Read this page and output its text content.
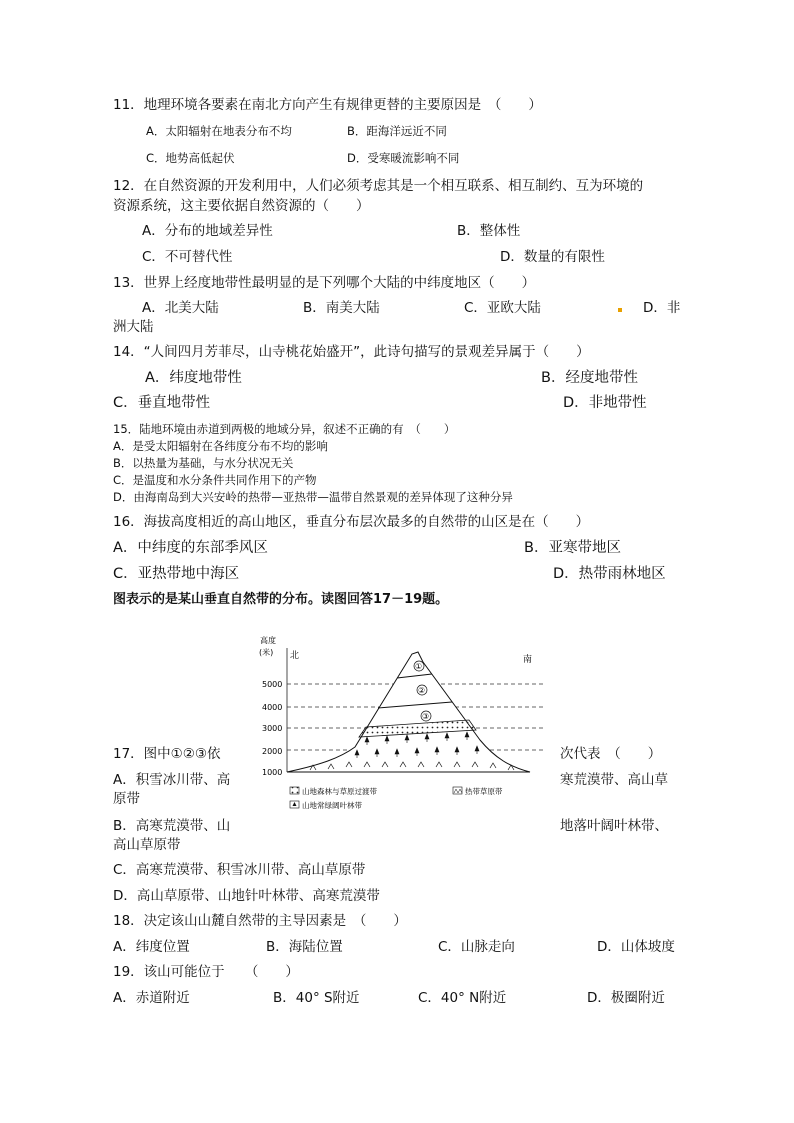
11．地理环境各要素在南北方向产生有规律更替的主要原因是　（　　）
A．太阳辐射在地表分布不均	B．距海洋远近不同
C．地势高低起伏	D．受寒暖流影响不同
12．在自然资源的开发利用中，人们必须考虑其是一个相互联系、相互制约、互为环境的
资源系统，这主要依据自然资源的（　　）
A．分布的地域差异性	B．整体性
C．不可替代性	D．数量的有限性
13．世界上经度地带性最明显的是下列哪个大陆的中纬度地区（　　）
A．北美大陆	B．南美大陆	C．亚欧大陆	D．非
洲大陆
14．“人间四月芳菲尽，山寺桃花始盛开”，此诗句描写的景观差异属于（　　）
A．纬度地带性	B．经度地带性
C．垂直地带性	D．非地带性
15．陆地环境由赤道到两极的地域分异，叙述不正确的有　（　　）
A．是受太阳辐射在各纬度分布不均的影响
B．以热量为基础，与水分状况无关
C．是温度和水分条件共同作用下的产物
D．由海南岛到大兴安岭的热带—亚热带—温带自然景观的差异体现了这种分异
16．海拔高度相近的高山地区，垂直分布层次最多的自然带的山区是在（　　）
A．中纬度的东部季风区	B．亚寒带地区
C．亚热带地中海区	D．热带雨林地区
图表示的是某山垂直自然带的分布。读图回答17－19题。
高度
(米) 北	南
5000
4000
3000
2000
1000
①
②
③
山地森林与草原过渡带	热带草原带
山地常绿阔叶林带
17．图中①②③依	次代表　（　　）
A．积雪冰川带、高	寒荒漠带、高山草
原带
B．高寒荒漠带、山	地落叶阔叶林带、
高山草原带
C．高寒荒漠带、积雪冰川带、高山草原带
D．高山草原带、山地针叶林带、高寒荒漠带
18．决定该山山麓自然带的主导因素是　（　　）
A．纬度位置	B．海陆位置	C．山脉走向	D．山体坡度
19．该山可能位于　　（　　）
A．赤道附近	B．40° S附近	C．40° N附近	D．极圈附近
